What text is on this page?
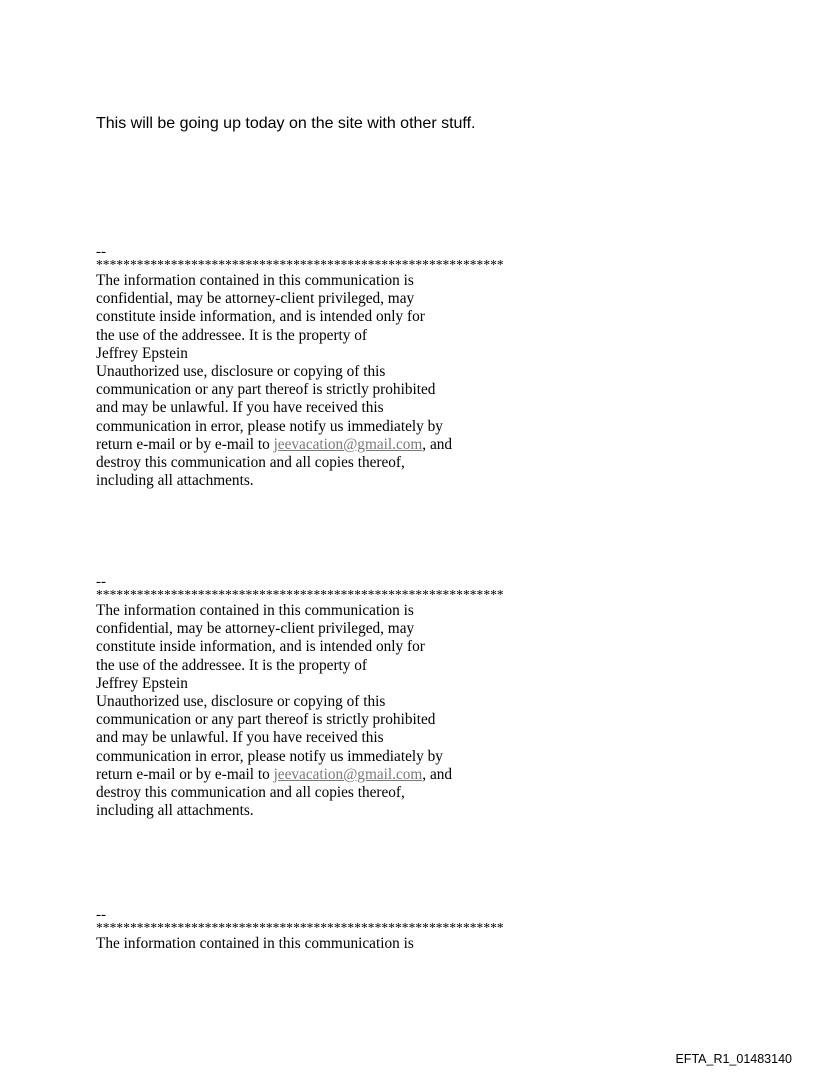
This will be going up today on the site with other stuff.
--
************************************************************
The information contained in this communication is
confidential, may be attorney-client privileged, may
constitute inside information, and is intended only for
the use of the addressee. It is the property of
Jeffrey Epstein
Unauthorized use, disclosure or copying of this
communication or any part thereof is strictly prohibited
and may be unlawful. If you have received this
communication in error, please notify us immediately by
return e-mail or by e-mail to jeevacation@gmail.com, and
destroy this communication and all copies thereof,
including all attachments.
--
************************************************************
The information contained in this communication is
confidential, may be attorney-client privileged, may
constitute inside information, and is intended only for
the use of the addressee. It is the property of
Jeffrey Epstein
Unauthorized use, disclosure or copying of this
communication or any part thereof is strictly prohibited
and may be unlawful. If you have received this
communication in error, please notify us immediately by
return e-mail or by e-mail to jeevacation@gmail.com, and
destroy this communication and all copies thereof,
including all attachments.
--
************************************************************
The information contained in this communication is
EFTA_R1_01483140
